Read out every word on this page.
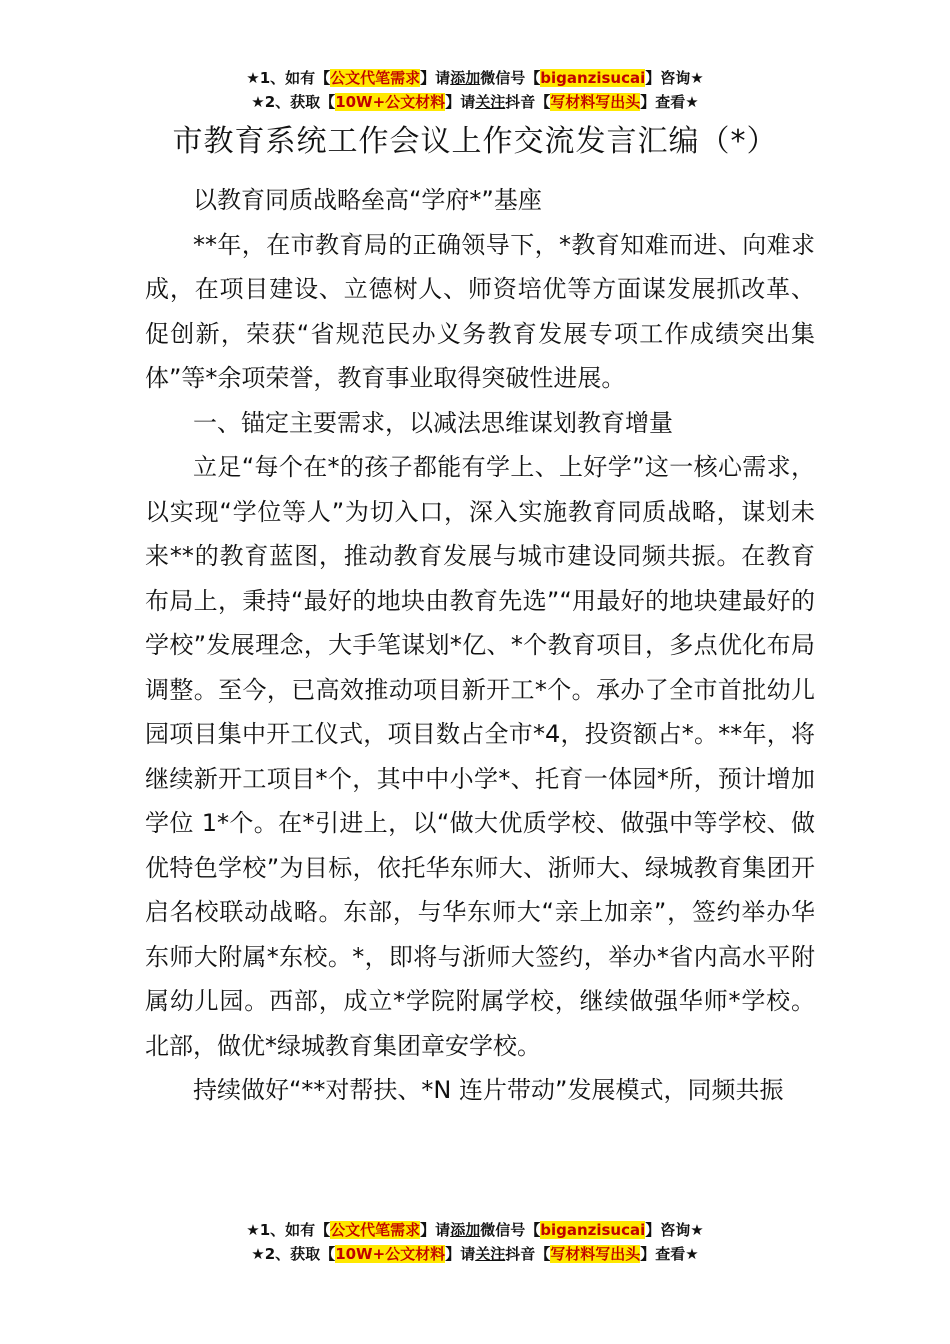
★1、如有【公文代笔需求】请添加微信号【biganzisucai】咨询★
★2、获取【10W+公文材料】请关注抖音【写材料写出头】查看★
市教育系统工作会议上作交流发言汇编（*）

以教育同质战略垒高“学府*”基座

**年，在市教育局的正确领导下，*教育知难而进、向难求成，在项目建设、立德树人、师资培优等方面谋发展抓改革、促创新，荣获“省规范民办义务教育发展专项工作成绩突出集体”等*余项荣誉，教育事业取得突破性进展。

一、锚定主要需求，以减法思维谋划教育增量

立足“每个在*的孩子都能有学上、上好学”这一核心需求，以实现“学位等人”为切入口，深入实施教育同质战略，谋划未来**的教育蓝图，推动教育发展与城市建设同频共振。在教育布局上，秉持“最好的地块由教育先选”“用最好的地块建最好的学校”发展理念，大手笔谋划*亿、*个教育项目，多点优化布局调整。至今，已高效推动项目新开工*个。承办了全市首批幼儿园项目集中开工仪式，项目数占全市*4，投资额占*。**年，将继续新开工项目*个，其中中小学*、托育一体园*所，预计增加学位 1*个。在*引进上，以“做大优质学校、做强中等学校、做优特色学校”为目标，依托华东师大、浙师大、绿城教育集团开启名校联动战略。东部，与华东师大“亲上加亲”，签约举办华东师大附属*东校。*，即将与浙师大签约，举办*省内高水平附属幼儿园。西部，成立*学院附属学校，继续做强华师*学校。北部，做优*绿城教育集团章安学校。

持续做好“**对帮扶、*N 连片带动”发展模式，同频共振

★1、如有【公文代笔需求】请添加微信号【biganzisucai】咨询★
★2、获取【10W+公文材料】请关注抖音【写材料写出头】查看★
